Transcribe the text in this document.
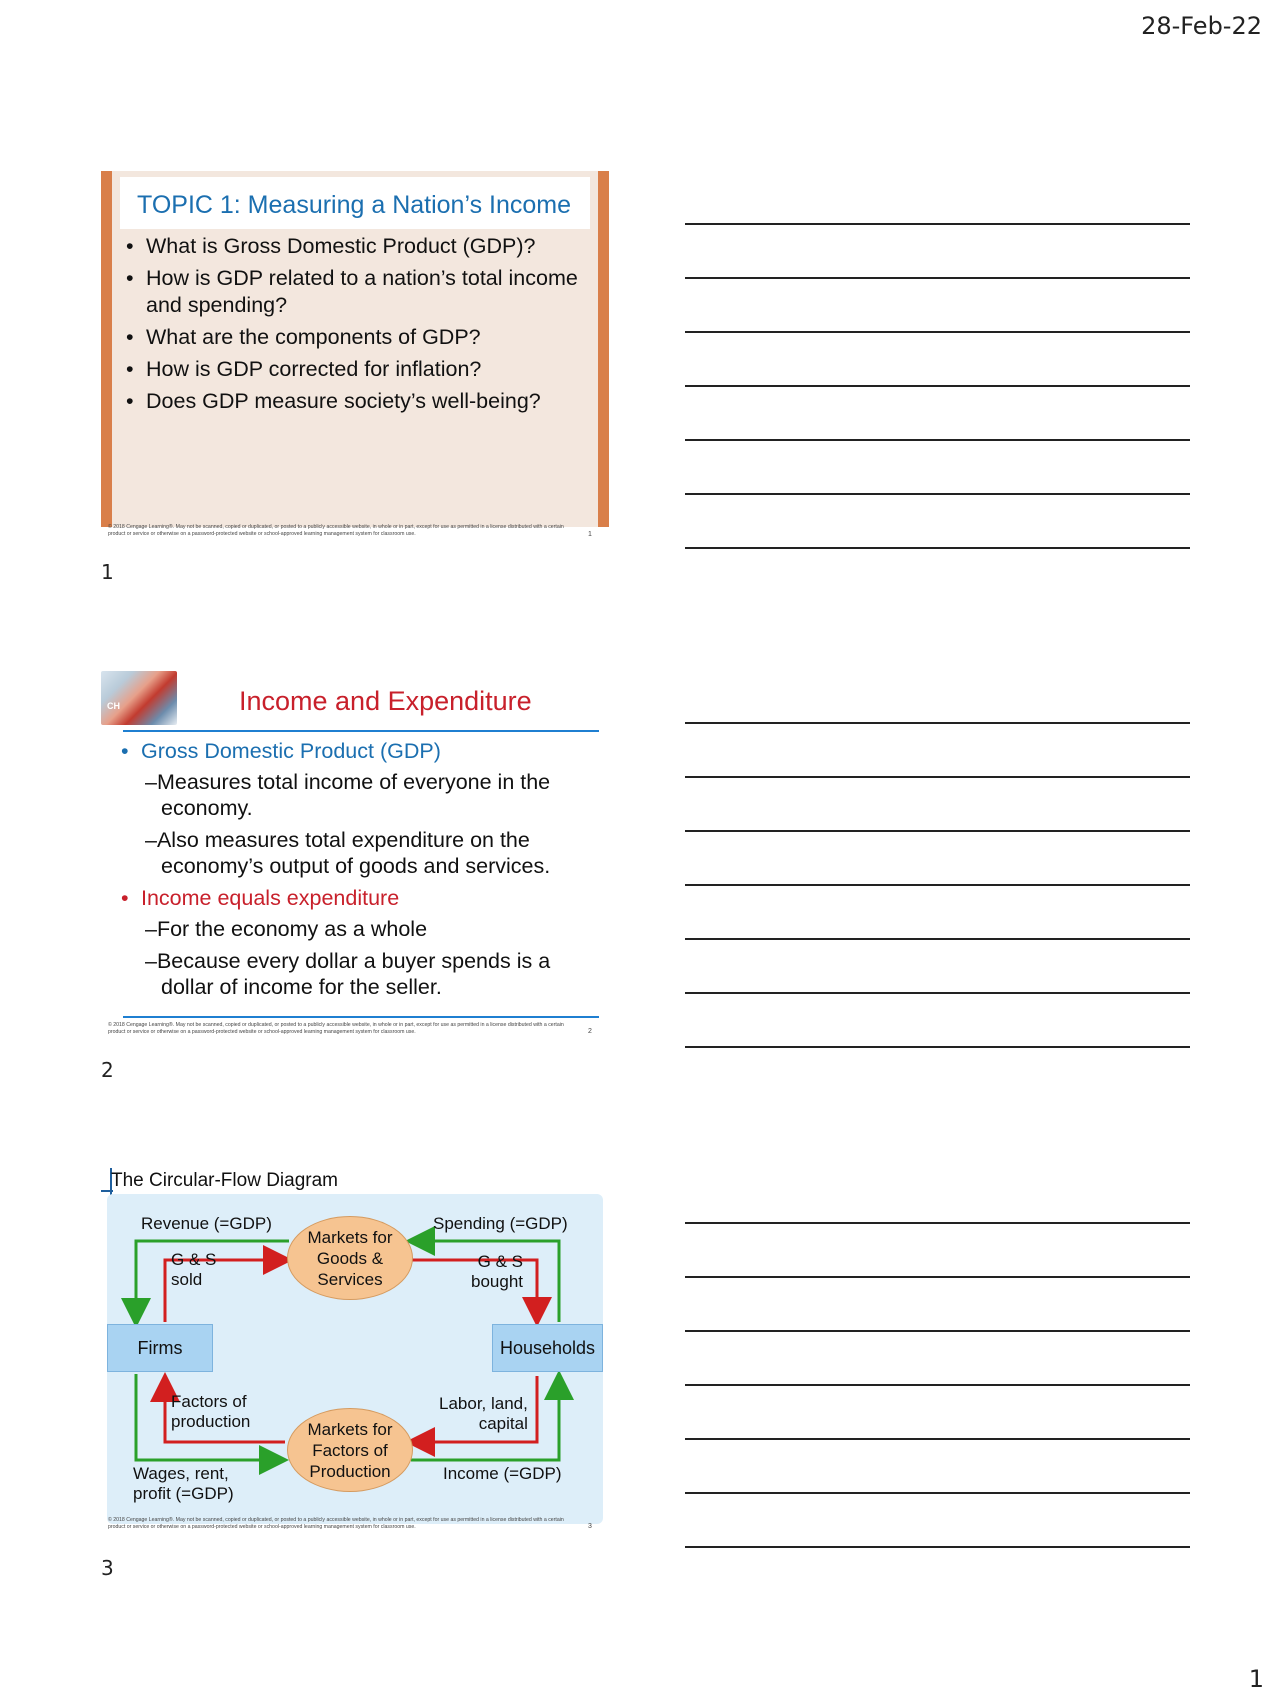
28-Feb-22
TOPIC 1: Measuring a Nation’s Income
• What is Gross Domestic Product (GDP)?
• How is GDP related to a nation’s total income and spending?
• What are the components of GDP?
• How is GDP corrected for inflation?
• Does GDP measure society’s well-being?
© 2018 Cengage Learning®. May not be scanned, copied or duplicated, or posted to a publicly accessible website, in whole or in part, except for use as permitted in a license distributed with a certain product or service or otherwise on a password-protected website or school-approved learning management system for classroom use.	1
1
CH	Income and Expenditure
• Gross Domestic Product (GDP)
–Measures total income of everyone in the economy.
–Also measures total expenditure on the economy’s output of goods and services.
• Income equals expenditure
–For the economy as a whole
–Because every dollar a buyer spends is a dollar of income for the seller.
© 2018 Cengage Learning®. May not be scanned, copied or duplicated, or posted to a publicly accessible website, in whole or in part, except for use as permitted in a license distributed with a certain product or service or otherwise on a password-protected website or school-approved learning management system for classroom use.	2
2
The Circular-Flow Diagram
Revenue (=GDP)	Spending (=GDP)
G & S
sold
G & S
bought
Markets for Goods & Services
Markets for Factors of Production
Firms	Households
Factors of
production
Labor, land,
capital
Wages, rent,
profit (=GDP)
Income (=GDP)
© 2018 Cengage Learning®. May not be scanned, copied or duplicated, or posted to a publicly accessible website, in whole or in part, except for use as permitted in a license distributed with a certain product or service or otherwise on a password-protected website or school-approved learning management system for classroom use.	3
3
1
